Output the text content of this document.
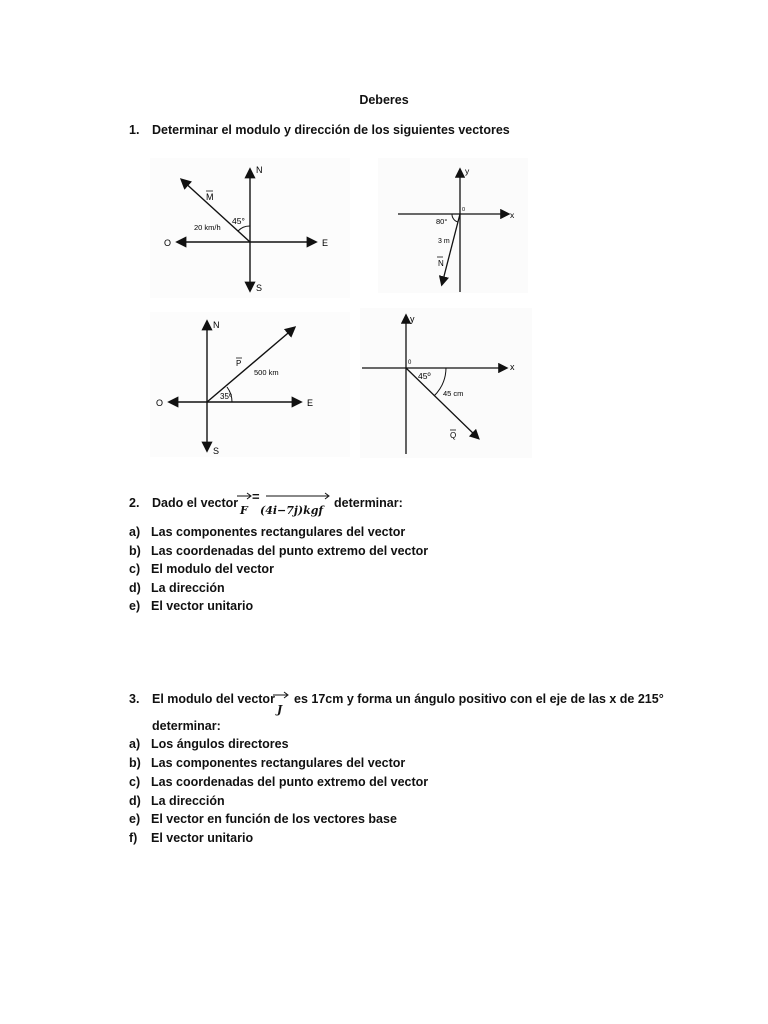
Deberes
1. Determinar el modulo y dirección de los siguientes vectores
N
S
E
O
M
45°
20 km/h
y
x
0
80°
3 m
N
N
S
E
O
P
35º
500 km
y
x
0
45º
45 cm
Q
2. Dado el vector =
F (4i−7j)kgf
determinar:
a) Las componentes rectangulares del vector
b) Las coordenadas del punto extremo del vector
c) El modulo del vector
d) La dirección
e) El vector unitario
3. El modulo del vector
J
es 17cm y forma un ángulo positivo con el eje de las x de 215°
determinar:
a) Los ángulos directores
b) Las componentes rectangulares del vector
c) Las coordenadas del punto extremo del vector
d) La dirección
e) El vector en función de los vectores base
f) El vector unitario
